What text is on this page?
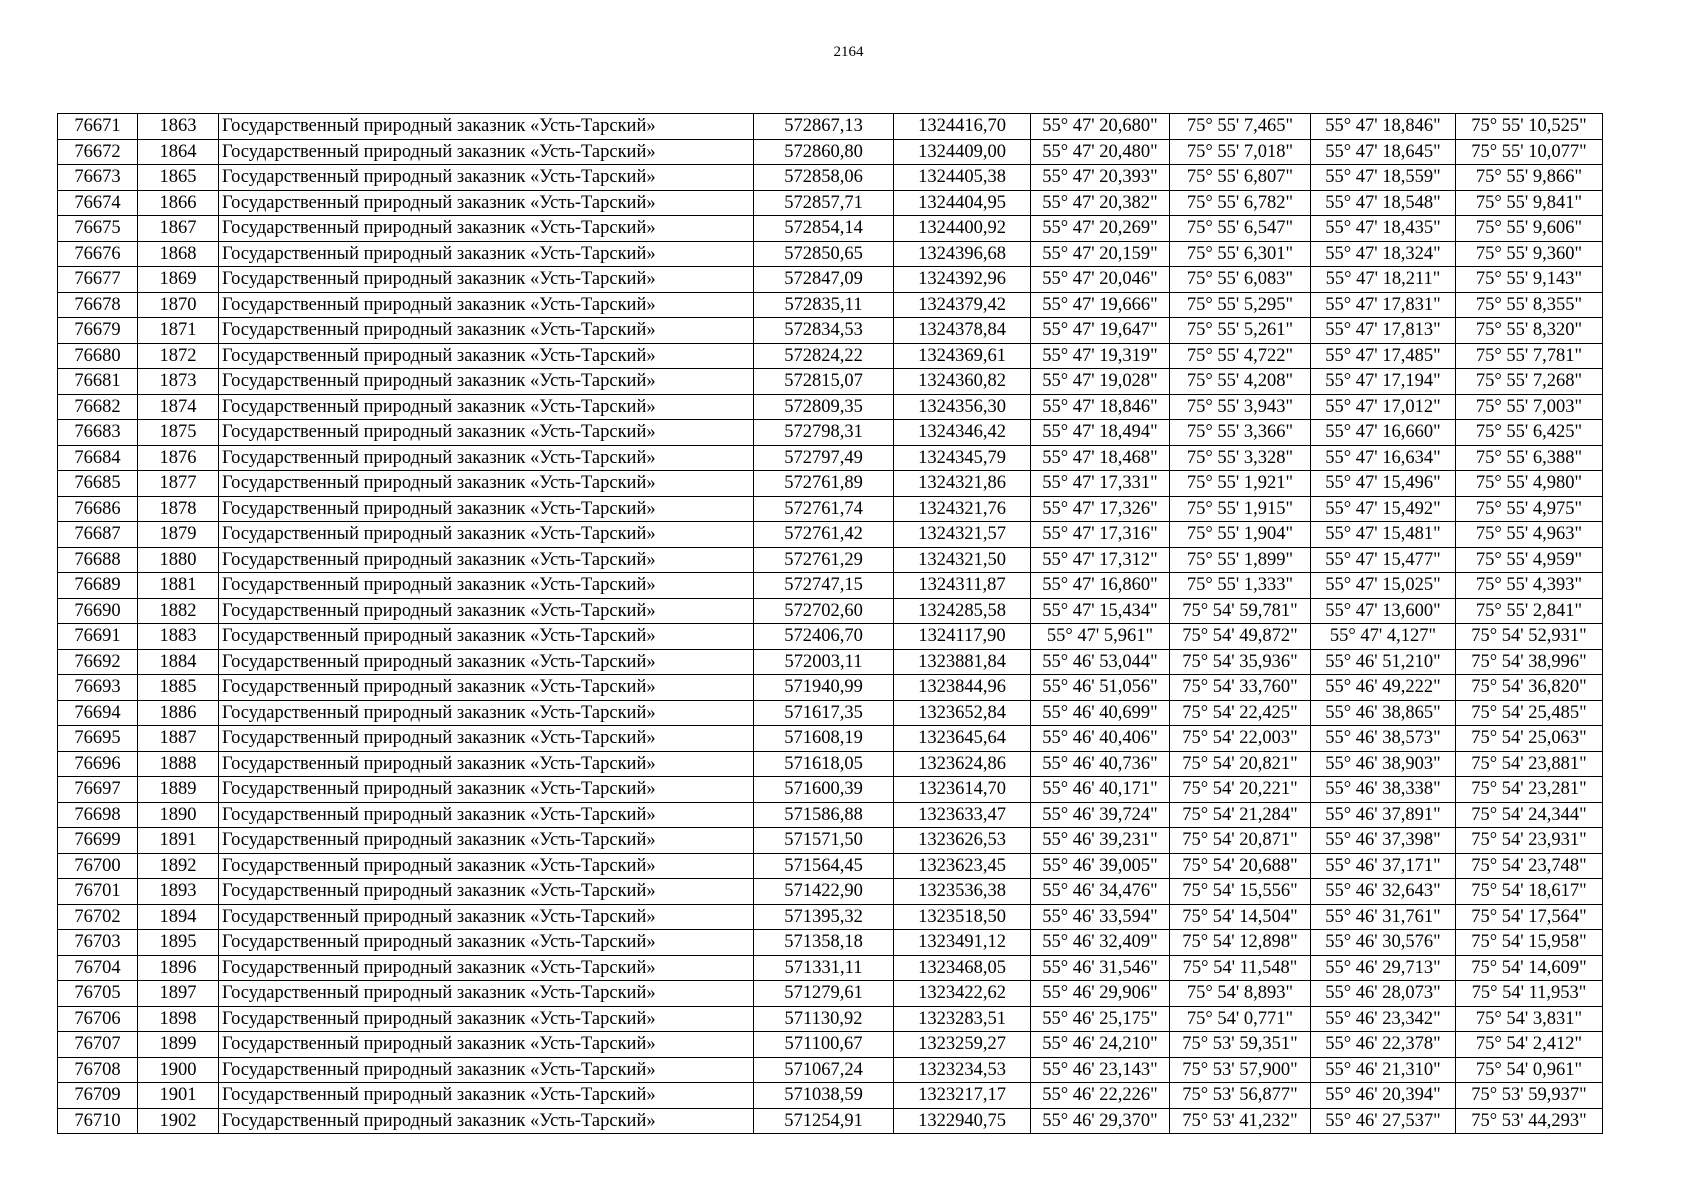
2164
76671	1863	Государственный природный заказник «Усть-Тарский»	572867,13	1324416,70	55° 47' 20,680"	75° 55' 7,465"	55° 47' 18,846"	75° 55' 10,525"
76672	1864	Государственный природный заказник «Усть-Тарский»	572860,80	1324409,00	55° 47' 20,480"	75° 55' 7,018"	55° 47' 18,645"	75° 55' 10,077"
76673	1865	Государственный природный заказник «Усть-Тарский»	572858,06	1324405,38	55° 47' 20,393"	75° 55' 6,807"	55° 47' 18,559"	75° 55' 9,866"
76674	1866	Государственный природный заказник «Усть-Тарский»	572857,71	1324404,95	55° 47' 20,382"	75° 55' 6,782"	55° 47' 18,548"	75° 55' 9,841"
76675	1867	Государственный природный заказник «Усть-Тарский»	572854,14	1324400,92	55° 47' 20,269"	75° 55' 6,547"	55° 47' 18,435"	75° 55' 9,606"
76676	1868	Государственный природный заказник «Усть-Тарский»	572850,65	1324396,68	55° 47' 20,159"	75° 55' 6,301"	55° 47' 18,324"	75° 55' 9,360"
76677	1869	Государственный природный заказник «Усть-Тарский»	572847,09	1324392,96	55° 47' 20,046"	75° 55' 6,083"	55° 47' 18,211"	75° 55' 9,143"
76678	1870	Государственный природный заказник «Усть-Тарский»	572835,11	1324379,42	55° 47' 19,666"	75° 55' 5,295"	55° 47' 17,831"	75° 55' 8,355"
76679	1871	Государственный природный заказник «Усть-Тарский»	572834,53	1324378,84	55° 47' 19,647"	75° 55' 5,261"	55° 47' 17,813"	75° 55' 8,320"
76680	1872	Государственный природный заказник «Усть-Тарский»	572824,22	1324369,61	55° 47' 19,319"	75° 55' 4,722"	55° 47' 17,485"	75° 55' 7,781"
76681	1873	Государственный природный заказник «Усть-Тарский»	572815,07	1324360,82	55° 47' 19,028"	75° 55' 4,208"	55° 47' 17,194"	75° 55' 7,268"
76682	1874	Государственный природный заказник «Усть-Тарский»	572809,35	1324356,30	55° 47' 18,846"	75° 55' 3,943"	55° 47' 17,012"	75° 55' 7,003"
76683	1875	Государственный природный заказник «Усть-Тарский»	572798,31	1324346,42	55° 47' 18,494"	75° 55' 3,366"	55° 47' 16,660"	75° 55' 6,425"
76684	1876	Государственный природный заказник «Усть-Тарский»	572797,49	1324345,79	55° 47' 18,468"	75° 55' 3,328"	55° 47' 16,634"	75° 55' 6,388"
76685	1877	Государственный природный заказник «Усть-Тарский»	572761,89	1324321,86	55° 47' 17,331"	75° 55' 1,921"	55° 47' 15,496"	75° 55' 4,980"
76686	1878	Государственный природный заказник «Усть-Тарский»	572761,74	1324321,76	55° 47' 17,326"	75° 55' 1,915"	55° 47' 15,492"	75° 55' 4,975"
76687	1879	Государственный природный заказник «Усть-Тарский»	572761,42	1324321,57	55° 47' 17,316"	75° 55' 1,904"	55° 47' 15,481"	75° 55' 4,963"
76688	1880	Государственный природный заказник «Усть-Тарский»	572761,29	1324321,50	55° 47' 17,312"	75° 55' 1,899"	55° 47' 15,477"	75° 55' 4,959"
76689	1881	Государственный природный заказник «Усть-Тарский»	572747,15	1324311,87	55° 47' 16,860"	75° 55' 1,333"	55° 47' 15,025"	75° 55' 4,393"
76690	1882	Государственный природный заказник «Усть-Тарский»	572702,60	1324285,58	55° 47' 15,434"	75° 54' 59,781"	55° 47' 13,600"	75° 55' 2,841"
76691	1883	Государственный природный заказник «Усть-Тарский»	572406,70	1324117,90	55° 47' 5,961"	75° 54' 49,872"	55° 47' 4,127"	75° 54' 52,931"
76692	1884	Государственный природный заказник «Усть-Тарский»	572003,11	1323881,84	55° 46' 53,044"	75° 54' 35,936"	55° 46' 51,210"	75° 54' 38,996"
76693	1885	Государственный природный заказник «Усть-Тарский»	571940,99	1323844,96	55° 46' 51,056"	75° 54' 33,760"	55° 46' 49,222"	75° 54' 36,820"
76694	1886	Государственный природный заказник «Усть-Тарский»	571617,35	1323652,84	55° 46' 40,699"	75° 54' 22,425"	55° 46' 38,865"	75° 54' 25,485"
76695	1887	Государственный природный заказник «Усть-Тарский»	571608,19	1323645,64	55° 46' 40,406"	75° 54' 22,003"	55° 46' 38,573"	75° 54' 25,063"
76696	1888	Государственный природный заказник «Усть-Тарский»	571618,05	1323624,86	55° 46' 40,736"	75° 54' 20,821"	55° 46' 38,903"	75° 54' 23,881"
76697	1889	Государственный природный заказник «Усть-Тарский»	571600,39	1323614,70	55° 46' 40,171"	75° 54' 20,221"	55° 46' 38,338"	75° 54' 23,281"
76698	1890	Государственный природный заказник «Усть-Тарский»	571586,88	1323633,47	55° 46' 39,724"	75° 54' 21,284"	55° 46' 37,891"	75° 54' 24,344"
76699	1891	Государственный природный заказник «Усть-Тарский»	571571,50	1323626,53	55° 46' 39,231"	75° 54' 20,871"	55° 46' 37,398"	75° 54' 23,931"
76700	1892	Государственный природный заказник «Усть-Тарский»	571564,45	1323623,45	55° 46' 39,005"	75° 54' 20,688"	55° 46' 37,171"	75° 54' 23,748"
76701	1893	Государственный природный заказник «Усть-Тарский»	571422,90	1323536,38	55° 46' 34,476"	75° 54' 15,556"	55° 46' 32,643"	75° 54' 18,617"
76702	1894	Государственный природный заказник «Усть-Тарский»	571395,32	1323518,50	55° 46' 33,594"	75° 54' 14,504"	55° 46' 31,761"	75° 54' 17,564"
76703	1895	Государственный природный заказник «Усть-Тарский»	571358,18	1323491,12	55° 46' 32,409"	75° 54' 12,898"	55° 46' 30,576"	75° 54' 15,958"
76704	1896	Государственный природный заказник «Усть-Тарский»	571331,11	1323468,05	55° 46' 31,546"	75° 54' 11,548"	55° 46' 29,713"	75° 54' 14,609"
76705	1897	Государственный природный заказник «Усть-Тарский»	571279,61	1323422,62	55° 46' 29,906"	75° 54' 8,893"	55° 46' 28,073"	75° 54' 11,953"
76706	1898	Государственный природный заказник «Усть-Тарский»	571130,92	1323283,51	55° 46' 25,175"	75° 54' 0,771"	55° 46' 23,342"	75° 54' 3,831"
76707	1899	Государственный природный заказник «Усть-Тарский»	571100,67	1323259,27	55° 46' 24,210"	75° 53' 59,351"	55° 46' 22,378"	75° 54' 2,412"
76708	1900	Государственный природный заказник «Усть-Тарский»	571067,24	1323234,53	55° 46' 23,143"	75° 53' 57,900"	55° 46' 21,310"	75° 54' 0,961"
76709	1901	Государственный природный заказник «Усть-Тарский»	571038,59	1323217,17	55° 46' 22,226"	75° 53' 56,877"	55° 46' 20,394"	75° 53' 59,937"
76710	1902	Государственный природный заказник «Усть-Тарский»	571254,91	1322940,75	55° 46' 29,370"	75° 53' 41,232"	55° 46' 27,537"	75° 53' 44,293"
